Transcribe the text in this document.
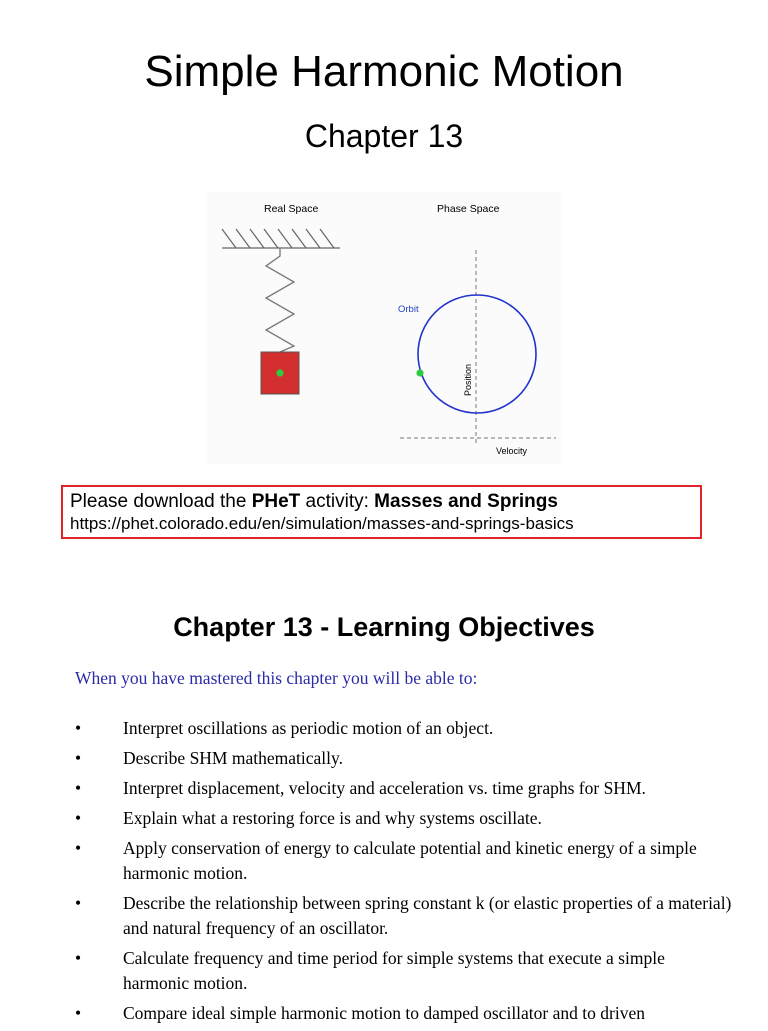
Simple Harmonic Motion
Chapter 13
Real Space	Phase Space
Orbit
Position
Velocity
Please download the PHeT activity: Masses and Springs
https://phet.colorado.edu/en/simulation/masses-and-springs-basics
Chapter 13 - Learning Objectives
When you have mastered this chapter you will be able to:
• Interpret oscillations as periodic motion of an object.
• Describe SHM mathematically.
• Interpret displacement, velocity and acceleration vs. time graphs for SHM.
• Explain what a restoring force is and why systems oscillate.
• Apply conservation of energy to calculate potential and kinetic energy of a simple harmonic motion.
• Describe the relationship between spring constant k (or elastic properties of a material) and natural frequency of an oscillator.
• Calculate frequency and time period for simple systems that execute a simple harmonic motion.
• Compare ideal simple harmonic motion to damped oscillator and to driven
